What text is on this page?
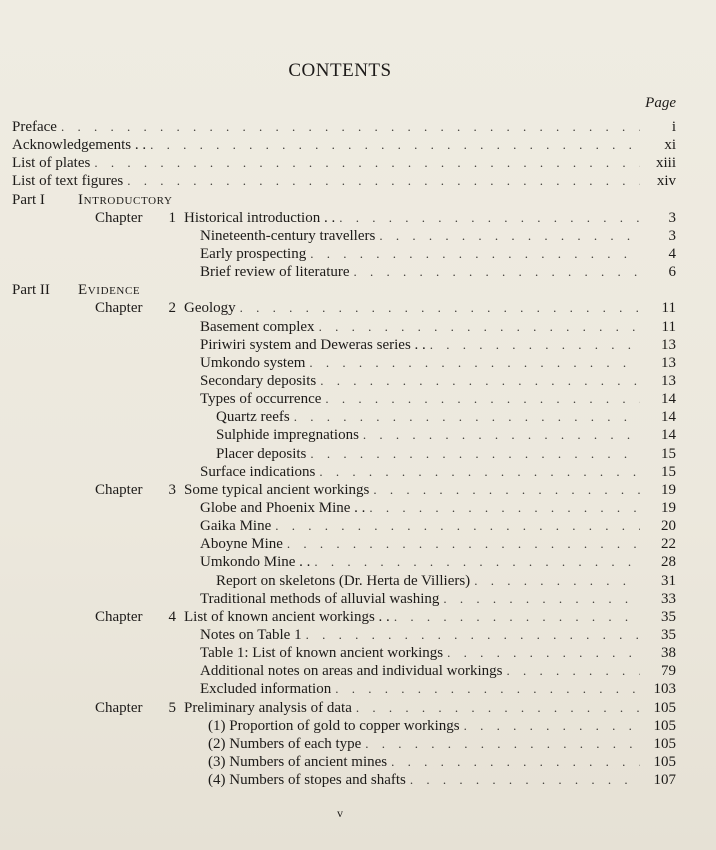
CONTENTS
Page
Preface . . .	i
Acknowledgements . . . . .	xi
List of plates . . .	xiii
List of text figures . . .	xiv
Part I Introductory
Chapter 1 Historical introduction . . . . .	3
Nineteenth-century travellers . . .	3
Early prospecting . . .	4
Brief review of literature . . .	6
Part II Evidence
Chapter 2 Geology . . .	11
Basement complex . . .	11
Piriwiri system and Deweras series . . . . .	13
Umkondo system . . .	13
Secondary deposits . . .	13
Types of occurrence . . .	14
Quartz reefs . . .	14
Sulphide impregnations . . .	14
Placer deposits . . .	15
Surface indications . . .	15
Chapter 3 Some typical ancient workings . . .	19
Globe and Phoenix Mine . . . . .	19
Gaika Mine . . .	20
Aboyne Mine . . .	22
Umkondo Mine . . . . .	28
Report on skeletons (Dr. Herta de Villiers) . . .	31
Traditional methods of alluvial washing . . .	33
Chapter 4 List of known ancient workings . . . . .	35
Notes on Table 1 . . .	35
Table 1: List of known ancient workings . . .	38
Additional notes on areas and individual workings . . .	79
Excluded information . . .	103
Chapter 5 Preliminary analysis of data . . .	105
(1) Proportion of gold to copper workings . . .	105
(2) Numbers of each type . . .	105
(3) Numbers of ancient mines . . .	105
(4) Numbers of stopes and shafts . . .	107
v
